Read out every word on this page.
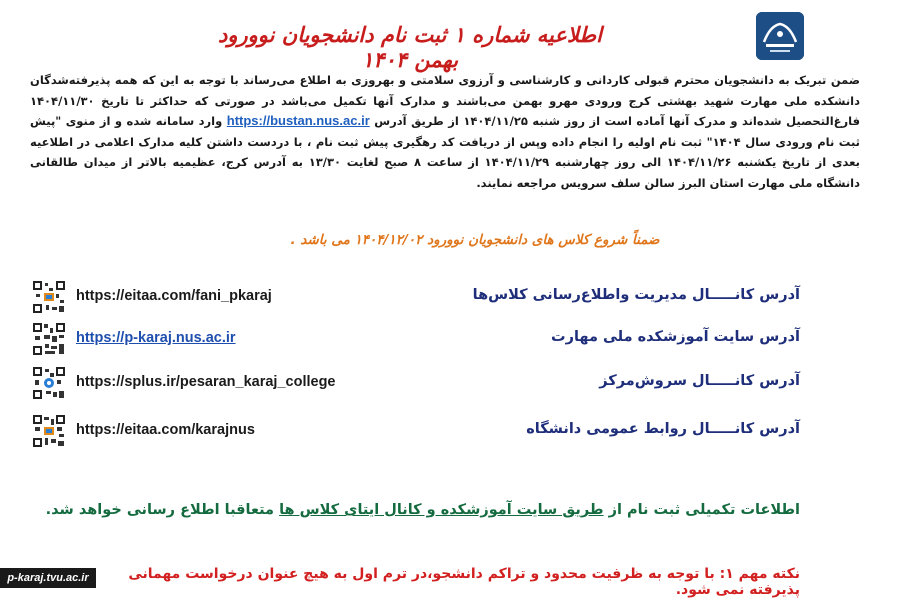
اطلاعیه شماره ۱ ثبت نام دانشجویان نوورود بهمن ۱۴۰۴
ضمن تبریک به دانشجویان محترم قبولی کاردانی و کارشناسی و آرزوی سلامتی و بهروزی به اطلاع می‌رساند با توجه به این که همه پذیرفته‌شدگان دانشکده ملی مهارت شهید بهشتی کرج ورودی مهرو بهمن می‌باشند و مدارک آنها تکمیل می‌باشد در صورتی که حداکثر تا تاریخ ۱۴۰۴/۱۱/۳۰ فارغ‌التحصیل شده‌اند و مدرک آنها آماده است از روز شنبه ۱۴۰۴/۱۱/۲۵ از طریق آدرس https://bustan.nus.ac.ir وارد سامانه شده و از منوی "پیش ثبت نام ورودی سال ۱۴۰۴" ثبت نام اولیه را انجام داده وپس از دریافت کد رهگیری پیش ثبت نام ، با دردست داشتن کلیه مدارک اعلامی در اطلاعیه بعدی از تاریخ یکشنبه ۱۴۰۴/۱۱/۲۶ الی روز چهارشنبه ۱۴۰۴/۱۱/۲۹ از ساعت ۸ صبح لغایت ۱۳/۳۰ به آدرس کرج، عظیمیه بالاتر از میدان طالقانی دانشگاه ملی مهارت استان البرز سالن سلف سرویس مراجعه نمایند.
ضمناً شروع کلاس های دانشجویان نوورود ۱۴۰۴/۱۲/۰۲ می باشد .
https://eitaa.com/fani_pkaraj	آدرس کانـــــال مدیریت واطلاع‌رسانی کلاس‌ها
https://p-karaj.nus.ac.ir	آدرس سایت آموزشکده ملی مهارت
https://splus.ir/pesaran_karaj_college	آدرس کانـــــال سروش‌مرکز
https://eitaa.com/karajnus	آدرس کانـــــال روابط عمومی دانشگاه
اطلاعات تکمیلی ثبت نام از طریق سایت آموزشکده و کانال ایتای کلاس ها متعاقبا اطلاع رسانی خواهد شد.
نکته مهم ۱: با توجه به ظرفیت محدود و تراکم دانشجو،در ترم اول به هیچ عنوان درخواست مهمانی پذیرفته نمی شود.
p-karaj.tvu.ac.ir
